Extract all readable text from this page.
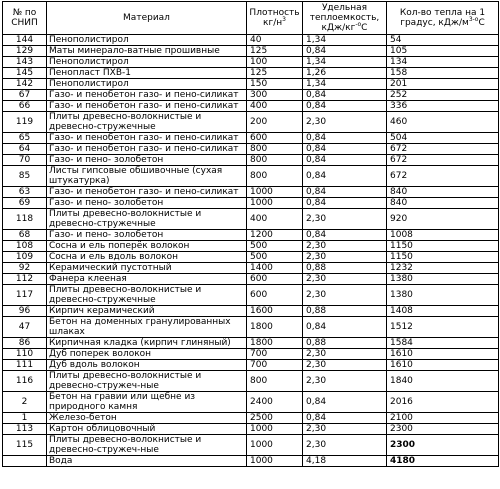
№ по СНИП	Материал	Плотность $кг/н^3$	Удельная теплоемкость, кДж/$кг^{-o}С$	Кол-во тепла на 1 градус, кДж/$м^{3-o}С$
144	Пенополистирол	40	1,34	54
129	Маты минерало-ватные прошивные	125	0,84	105
143	Пенополистирол	100	1,34	134
145	Пенопласт ПХВ-1	125	1,26	158
142	Пенополистирол	150	1,34	201
67	Газо- и пенобетон газо- и пено-силикат	300	0,84	252
66	Газо- и пенобетон газо- и пено-силикат	400	0,84	336
119	Плиты древесно-волокнистые и древесно-стружечные	200	2,30	460
65	Газо- и пенобетон газо- и пено-силикат	600	0,84	504
64	Газо- и пенобетон газо- и пено-силикат	800	0,84	672
70	Газо- и пено- золобетон	800	0,84	672
85	Листы гипсовые обшивочные (сухая штукатурка)	800	0,84	672
63	Газо- и пенобетон газо- и пено-силикат	1000	0,84	840
69	Газо- и пено- золобетон	1000	0,84	840
118	Плиты древесно-волокнистые и древесно-стружечные	400	2,30	920
68	Газо- и пено- золобетон	1200	0,84	1008
108	Сосна и ель поперёк волокон	500	2,30	1150
109	Сосна и ель вдоль волокон	500	2,30	1150
92	Керамический пустотный	1400	0,88	1232
112	Фанера клееная	600	2,30	1380
117	Плиты древесно-волокнистые и древесно-стружечные	600	2,30	1380
96	Кирпич керамический	1600	0,88	1408
47	Бетон на доменных гранулированных шлаках	1800	0,84	1512
86	Кирпичная кладка (кирпич глиняный)	1800	0,88	1584
110	Дуб поперек волокон	700	2,30	1610
111	Дуб вдоль волокон	700	2,30	1610
116	Плиты древесно-волокнистые и древесно-стружеч-ные	800	2,30	1840
2	Бетон на гравии или щебне из природного камня	2400	0,84	2016
1	Железо-бетон	2500	0,84	2100
113	Картон облицовочный	1000	2,30	2300
115	Плиты древесно-волокнистые и древесно-стружеч-ные	1000	2,30	2300
	Вода	1000	4,18	4180
